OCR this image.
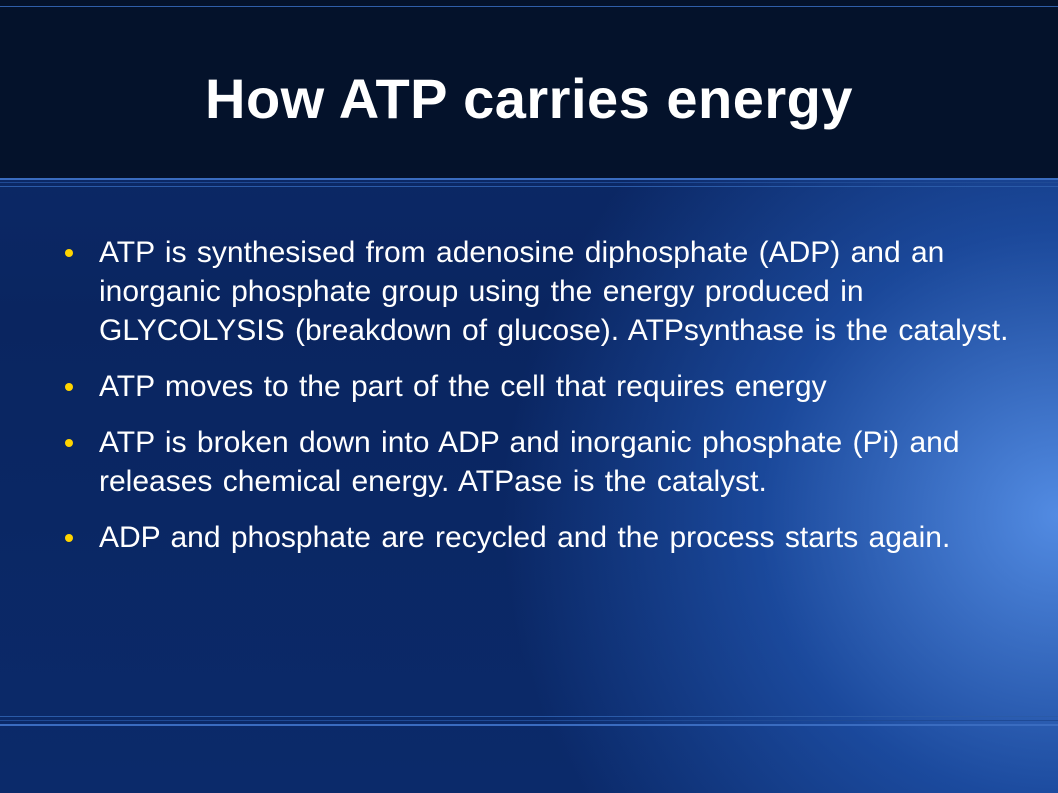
How ATP carries energy
ATP is synthesised from adenosine diphosphate (ADP) and an inorganic phosphate group using the energy produced in GLYCOLYSIS (breakdown of glucose). ATPsynthase is the catalyst.
ATP moves to the part of the cell that requires energy
ATP is broken down into ADP and inorganic phosphate (Pi) and releases chemical energy. ATPase is the catalyst.
ADP and phosphate are recycled and the process starts again.
